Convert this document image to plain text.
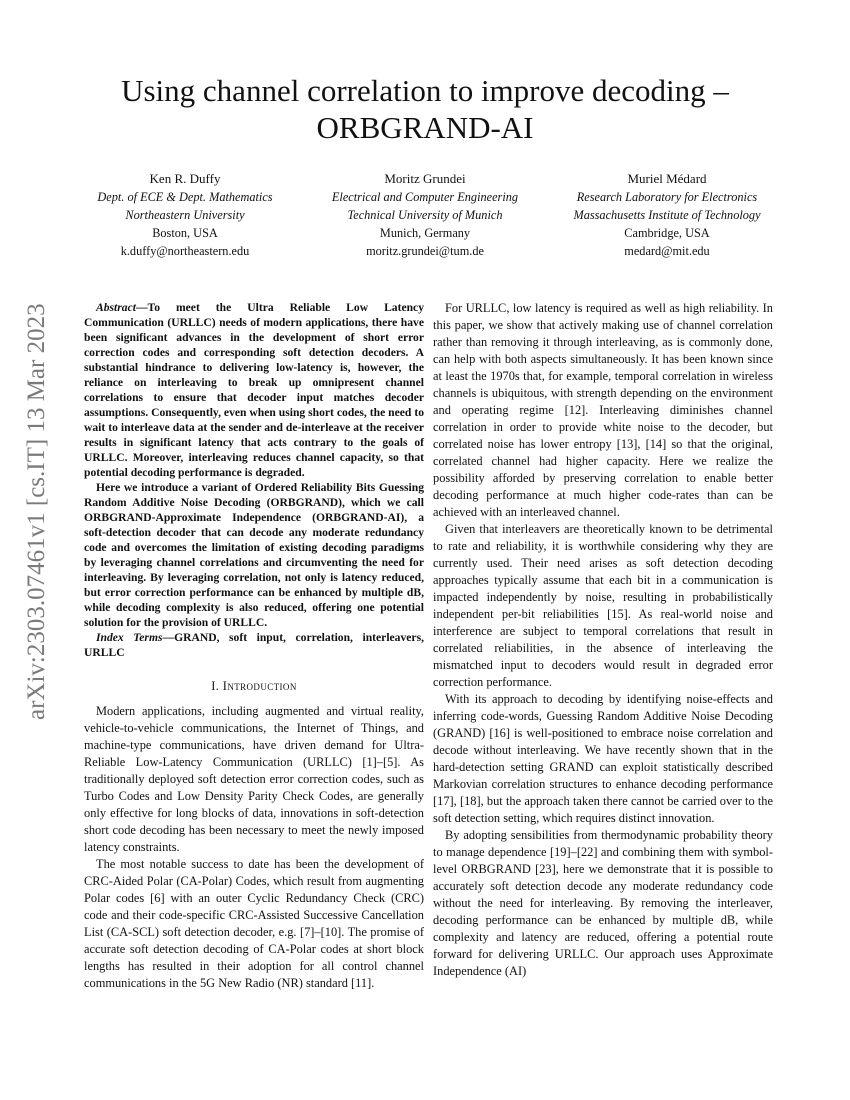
Using channel correlation to improve decoding –
ORBGRAND-AI
Ken R. Duffy
Dept. of ECE & Dept. Mathematics
Northeastern University
Boston, USA
k.duffy@northeastern.edu
Moritz Grundei
Electrical and Computer Engineering
Technical University of Munich
Munich, Germany
moritz.grundei@tum.de
Muriel Médard
Research Laboratory for Electronics
Massachusetts Institute of Technology
Cambridge, USA
medard@mit.edu
arXiv:2303.07461v1 [cs.IT] 13 Mar 2023	Abstract—To meet the Ultra Reliable Low Latency Communication (URLLC) needs of modern applications, there have been significant advances in the development of short error correction codes and corresponding soft detection decoders. A substantial hindrance to delivering low-latency is, however, the reliance on interleaving to break up omnipresent channel correlations to ensure that decoder input matches decoder assumptions. Consequently, even when using short codes, the need to wait to interleave data at the sender and de-interleave at the receiver results in significant latency that acts contrary to the goals of URLLC. Moreover, interleaving reduces channel capacity, so that potential decoding performance is degraded.

Here we introduce a variant of Ordered Reliability Bits Guessing Random Additive Noise Decoding (ORBGRAND), which we call ORBGRAND-Approximate Independence (ORBGRAND-AI), a soft-detection decoder that can decode any moderate redundancy code and overcomes the limitation of existing decoding paradigms by leveraging channel correlations and circumventing the need for interleaving. By leveraging correlation, not only is latency reduced, but error correction performance can be enhanced by multiple dB, while decoding complexity is also reduced, offering one potential solution for the provision of URLLC.

Index Terms—GRAND, soft input, correlation, interleavers, URLLC

I. Introduction

Modern applications, including augmented and virtual reality, vehicle-to-vehicle communications, the Internet of Things, and machine-type communications, have driven demand for Ultra-Reliable Low-Latency Communication (URLLC) [1]–[5]. As traditionally deployed soft detection error correction codes, such as Turbo Codes and Low Density Parity Check Codes, are generally only effective for long blocks of data, innovations in soft-detection short code decoding has been necessary to meet the newly imposed latency constraints.

The most notable success to date has been the development of CRC-Aided Polar (CA-Polar) Codes, which result from augmenting Polar codes [6] with an outer Cyclic Redundancy Check (CRC) code and their code-specific CRC-Assisted Successive Cancellation List (CA-SCL) soft detection decoder, e.g. [7]–[10]. The promise of accurate soft detection decoding of CA-Polar codes at short block lengths has resulted in their adoption for all control channel communications in the 5G New Radio (NR) standard [11].

For URLLC, low latency is required as well as high reliability. In this paper, we show that actively making use of channel correlation rather than removing it through interleaving, as is commonly done, can help with both aspects simultaneously. It has been known since at least the 1970s that, for example, temporal correlation in wireless channels is ubiquitous, with strength depending on the environment and operating regime [12]. Interleaving diminishes channel correlation in order to provide white noise to the decoder, but correlated noise has lower entropy [13], [14] so that the original, correlated channel had higher capacity. Here we realize the possibility afforded by preserving correlation to enable better decoding performance at much higher code-rates than can be achieved with an interleaved channel.

Given that interleavers are theoretically known to be detrimental to rate and reliability, it is worthwhile considering why they are currently used. Their need arises as soft detection decoding approaches typically assume that each bit in a communication is impacted independently by noise, resulting in probabilistically independent per-bit reliabilities [15]. As real-world noise and interference are subject to temporal correlations that result in correlated reliabilities, in the absence of interleaving the mismatched input to decoders would result in degraded error correction performance.

With its approach to decoding by identifying noise-effects and inferring code-words, Guessing Random Additive Noise Decoding (GRAND) [16] is well-positioned to embrace noise correlation and decode without interleaving. We have recently shown that in the hard-detection setting GRAND can exploit statistically described Markovian correlation structures to enhance decoding performance [17], [18], but the approach taken there cannot be carried over to the soft detection setting, which requires distinct innovation.

By adopting sensibilities from thermodynamic probability theory to manage dependence [19]–[22] and combining them with symbol-level ORBGRAND [23], here we demonstrate that it is possible to accurately soft detection decode any moderate redundancy code without the need for interleaving. By removing the interleaver, decoding performance can be enhanced by multiple dB, while complexity and latency are reduced, offering a potential route forward for delivering URLLC. Our approach uses Approximate Independence (AI)
